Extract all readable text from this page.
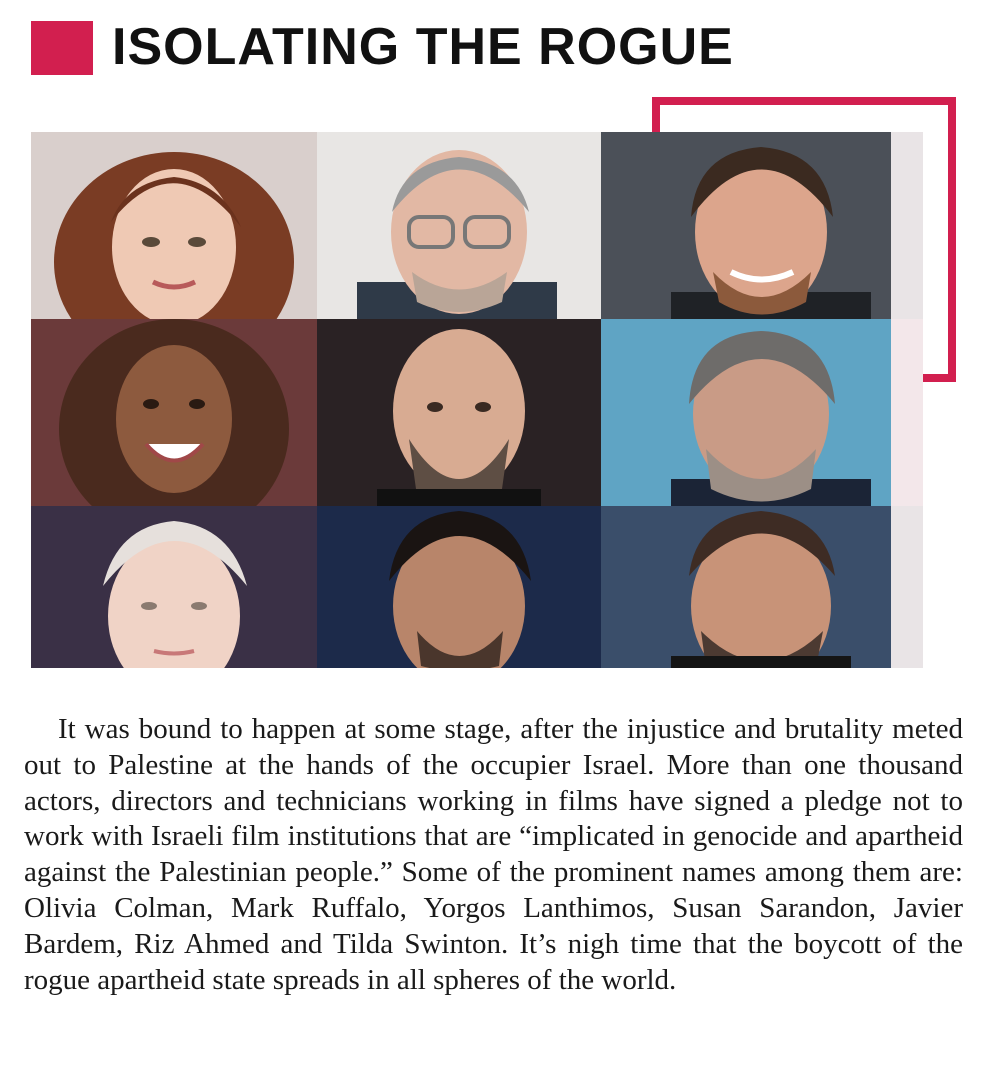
ISOLATING THE ROGUE

It was bound to happen at some stage, after the injustice and brutality meted out to Palestine at the hands of the occupier Israel. More than one thousand actors, directors and technicians working in films have signed a pledge not to work with Israeli film institutions that are “implicated in genocide and apartheid against the Palestinian people.” Some of the prominent names among them are: Olivia Colman, Mark Ruffalo, Yorgos Lanthimos, Susan Sarandon, Javier Bardem, Riz Ahmed and Tilda Swinton. It’s nigh time that the boycott of the rogue apartheid state spreads in all spheres of the world.
